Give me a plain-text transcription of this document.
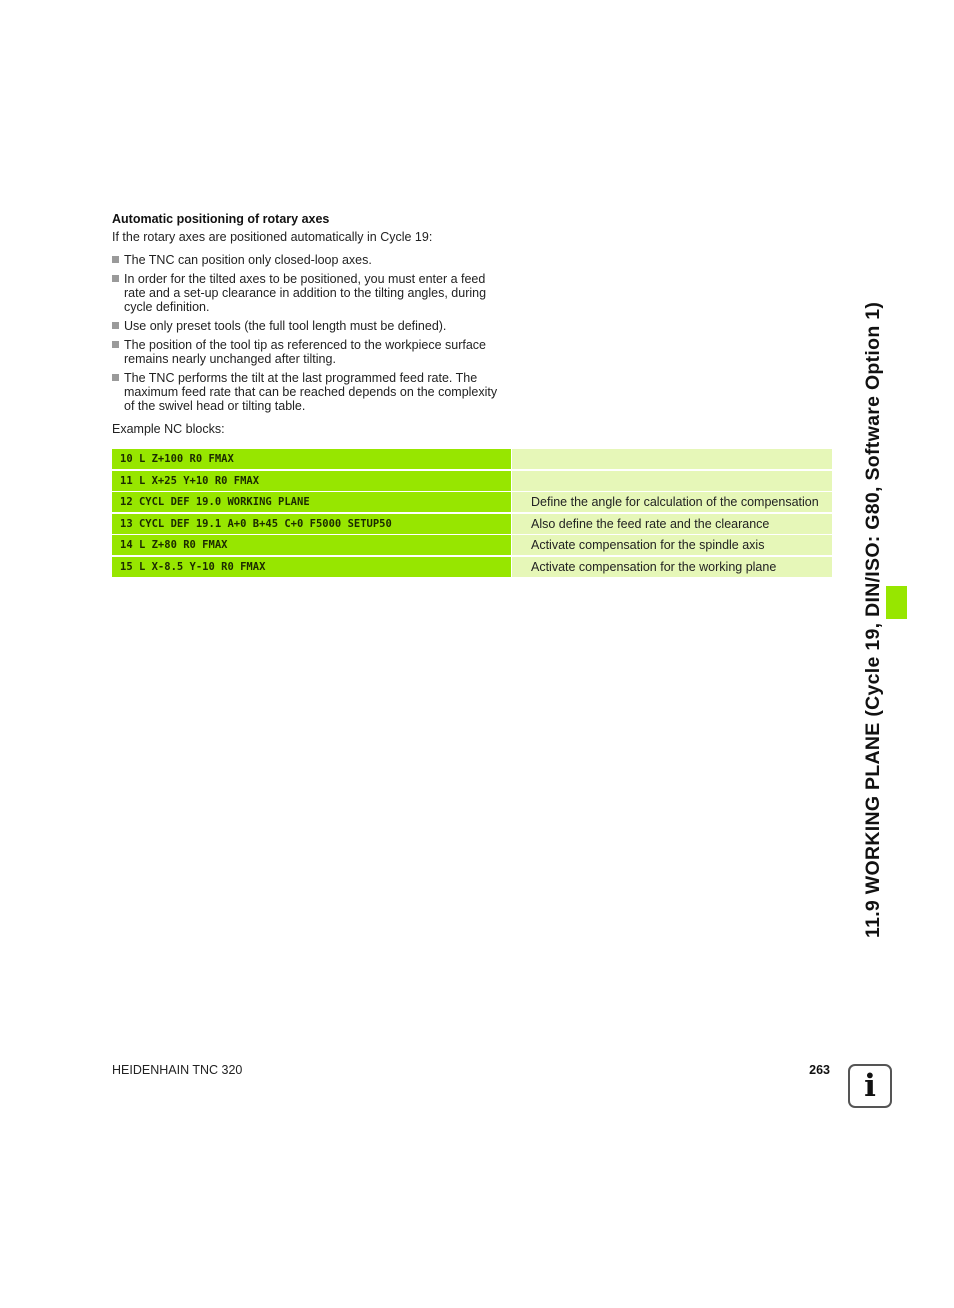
Automatic positioning of rotary axes
If the rotary axes are positioned automatically in Cycle 19:
The TNC can position only closed-loop axes.
In order for the tilted axes to be positioned, you must enter a feed
rate and a set-up clearance in addition to the tilting angles, during
cycle definition.
Use only preset tools (the full tool length must be defined).
The position of the tool tip as referenced to the workpiece surface
remains nearly unchanged after tilting.
The TNC performs the tilt at the last programmed feed rate. The
maximum feed rate that can be reached depends on the complexity
of the swivel head or tilting table.
Example NC blocks:
10 L Z+100 R0 FMAX
11 L X+25 Y+10 R0 FMAX
12 CYCL DEF 19.0 WORKING PLANE	Define the angle for calculation of the compensation
13 CYCL DEF 19.1 A+0 B+45 C+0 F5000 SETUP50	Also define the feed rate and the clearance
14 L Z+80 R0 FMAX	Activate compensation for the spindle axis
15 L X-8.5 Y-10 R0 FMAX	Activate compensation for the working plane	11.9 WORKING PLANE (Cycle 19, DIN/ISO: G80, Software Option 1)
HEIDENHAIN TNC 320	263 i
